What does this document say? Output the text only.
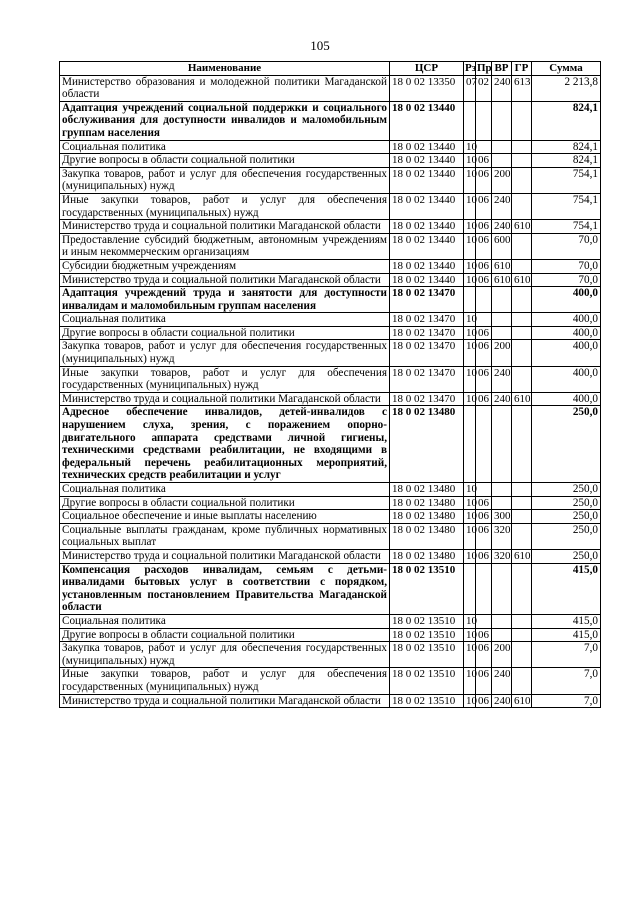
105
Наименование	ЦСР	Рз	Пр	ВР	ГР	Сумма
Министерство образования и молодежной политики Магаданской области	18 0 02 13350	07	02	240	613	2 213,8
Адаптация учреждений социальной поддержки и социального обслуживания для доступности инвалидов и маломобильным группам населения	18 0 02 13440					824,1
Социальная политика	18 0 02 13440	10				824,1
Другие вопросы в области социальной политики	18 0 02 13440	10	06			824,1
Закупка товаров, работ и услуг для обеспечения государственных (муниципальных) нужд	18 0 02 13440	10	06	200		754,1
Иные закупки товаров, работ и услуг для обеспечения государственных (муниципальных) нужд	18 0 02 13440	10	06	240		754,1
Министерство труда и социальной политики Магаданской области	18 0 02 13440	10	06	240	610	754,1
Предоставление субсидий бюджетным, автономным учреждениям и иным некоммерческим организациям	18 0 02 13440	10	06	600		70,0
Субсидии бюджетным учреждениям	18 0 02 13440	10	06	610		70,0
Министерство труда и социальной политики Магаданской области	18 0 02 13440	10	06	610	610	70,0
Адаптация учреждений труда и занятости для доступности инвалидам и маломобильным группам населения	18 0 02 13470					400,0
Социальная политика	18 0 02 13470	10				400,0
Другие вопросы в области социальной политики	18 0 02 13470	10	06			400,0
Закупка товаров, работ и услуг для обеспечения государственных (муниципальных) нужд	18 0 02 13470	10	06	200		400,0
Иные закупки товаров, работ и услуг для обеспечения государственных (муниципальных) нужд	18 0 02 13470	10	06	240		400,0
Министерство труда и социальной политики Магаданской области	18 0 02 13470	10	06	240	610	400,0
Адресное обеспечение инвалидов, детей-инвалидов с нарушением слуха, зрения, с поражением опорно-двигательного аппарата средствами личной гигиены, техническими средствами реабилитации, не входящими в федеральный перечень реабилитационных мероприятий, технических средств реабилитации и услуг	18 0 02 13480					250,0
Социальная политика	18 0 02 13480	10				250,0
Другие вопросы в области социальной политики	18 0 02 13480	10	06			250,0
Социальное обеспечение и иные выплаты населению	18 0 02 13480	10	06	300		250,0
Социальные выплаты гражданам, кроме публичных нормативных социальных выплат	18 0 02 13480	10	06	320		250,0
Министерство труда и социальной политики Магаданской области	18 0 02 13480	10	06	320	610	250,0
Компенсация расходов инвалидам, семьям с детьми-инвалидами бытовых услуг в соответствии с порядком, установленным постановлением Правительства Магаданской области	18 0 02 13510					415,0
Социальная политика	18 0 02 13510	10				415,0
Другие вопросы в области социальной политики	18 0 02 13510	10	06			415,0
Закупка товаров, работ и услуг для обеспечения государственных (муниципальных) нужд	18 0 02 13510	10	06	200		7,0
Иные закупки товаров, работ и услуг для обеспечения государственных (муниципальных) нужд	18 0 02 13510	10	06	240		7,0
Министерство труда и социальной политики Магаданской области	18 0 02 13510	10	06	240	610	7,0
